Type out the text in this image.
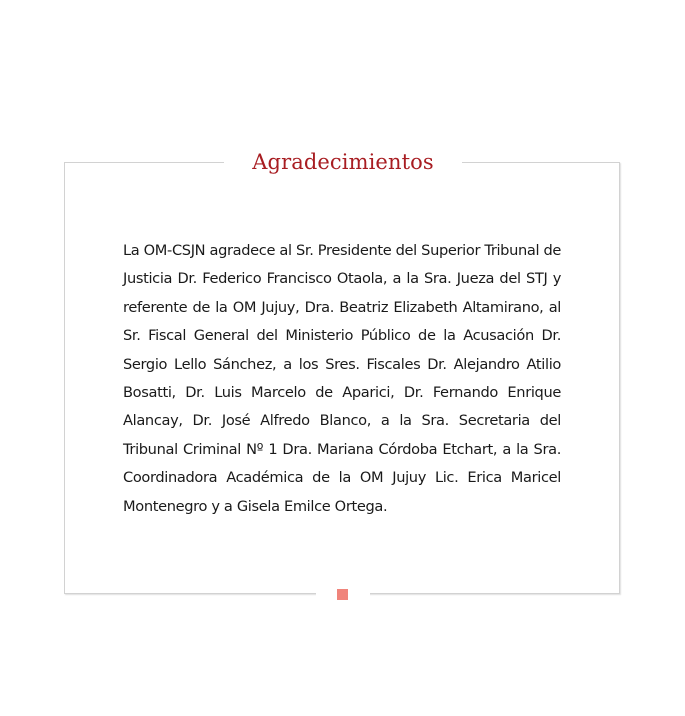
Agradecimientos
La OM-CSJN agradece al Sr. Presidente del Superior Tribunal de Justicia Dr. Federico Francisco Otaola, a la Sra. Jueza del STJ y referente de la OM Jujuy, Dra. Beatriz Elizabeth Altamirano, al Sr. Fiscal General del Ministerio Público de la Acusación Dr. Sergio Lello Sánchez, a los Sres. Fiscales Dr. Alejandro Atilio Bosatti, Dr. Luis Marcelo de Aparici, Dr. Fernando Enrique Alancay, Dr. José Alfredo Blanco, a la Sra. Secretaria del Tribunal Criminal Nº 1 Dra. Mariana Córdoba Etchart, a la Sra. Coordinadora Académica de la OM Jujuy Lic. Erica Maricel Montenegro y a Gisela Emilce Ortega.
